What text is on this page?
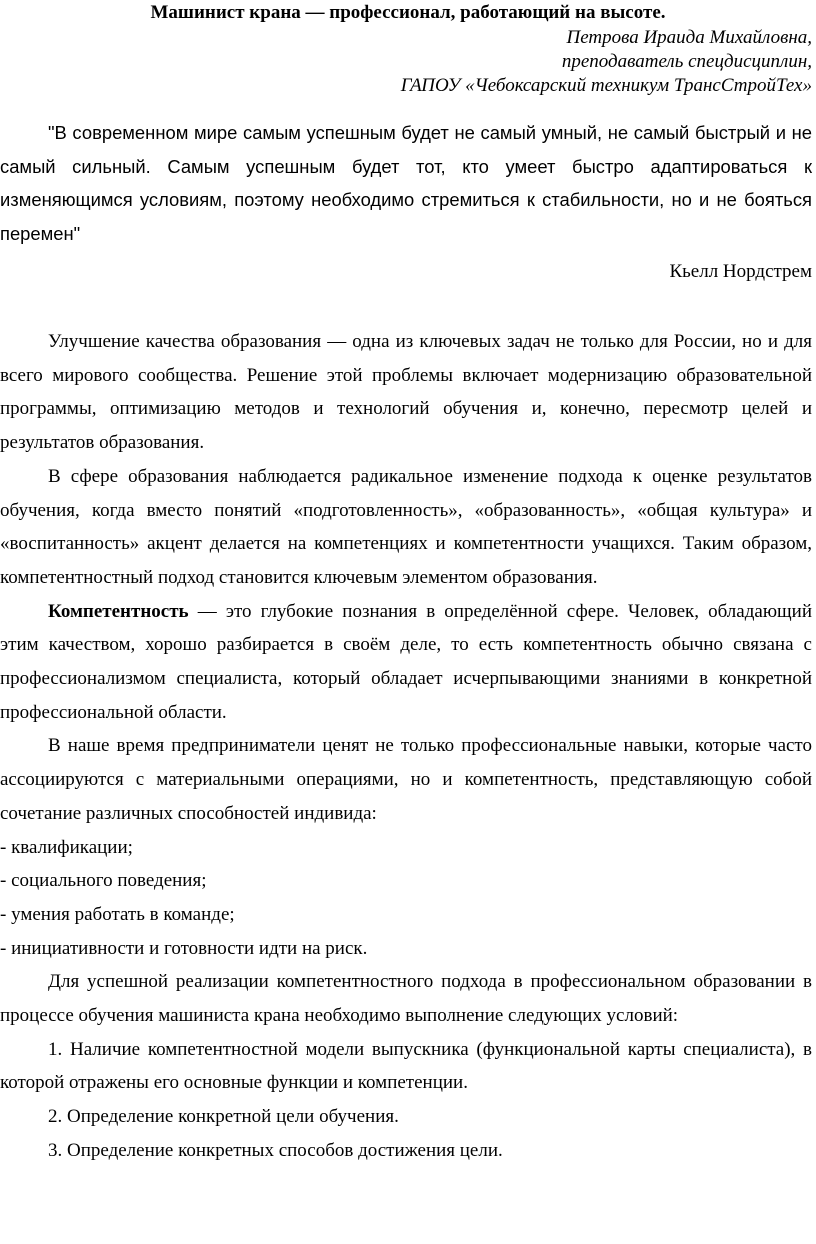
Машинист крана — профессионал, работающий на высоте.
Петрова Ираида Михайловна,
преподаватель спецдисциплин,
ГАПОУ «Чебоксарский техникум ТрансСтройТех»
"В современном мире самым успешным будет не самый умный, не самый быстрый и не самый сильный. Самым успешным будет тот, кто умеет быстро адаптироваться к изменяющимся условиям, поэтому необходимо стремиться к стабильности, но и не бояться перемен"
Кьелл Нордстрем

Улучшение качества образования — одна из ключевых задач не только для России, но и для всего мирового сообщества. Решение этой проблемы включает модернизацию образовательной программы, оптимизацию методов и технологий обучения и, конечно, пересмотр целей и результатов образования.

В сфере образования наблюдается радикальное изменение подхода к оценке результатов обучения, когда вместо понятий «подготовленность», «образованность», «общая культура» и «воспитанность» акцент делается на компетенциях и компетентности учащихся. Таким образом, компетентностный подход становится ключевым элементом образования.

Компетентность — это глубокие познания в определённой сфере. Человек, обладающий этим качеством, хорошо разбирается в своём деле, то есть компетентность обычно связана с профессионализмом специалиста, который обладает исчерпывающими знаниями в конкретной профессиональной области.

В наше время предприниматели ценят не только профессиональные навыки, которые часто ассоциируются с материальными операциями, но и компетентность, представляющую собой сочетание различных способностей индивида:

- квалификации;

- социального поведения;

- умения работать в команде;

- инициативности и готовности идти на риск.

Для успешной реализации компетентностного подхода в профессиональном образовании в процессе обучения машиниста крана необходимо выполнение следующих условий:

1. Наличие компетентностной модели выпускника (функциональной карты специалиста), в которой отражены его основные функции и компетенции.

2. Определение конкретной цели обучения.

3. Определение конкретных способов достижения цели.
